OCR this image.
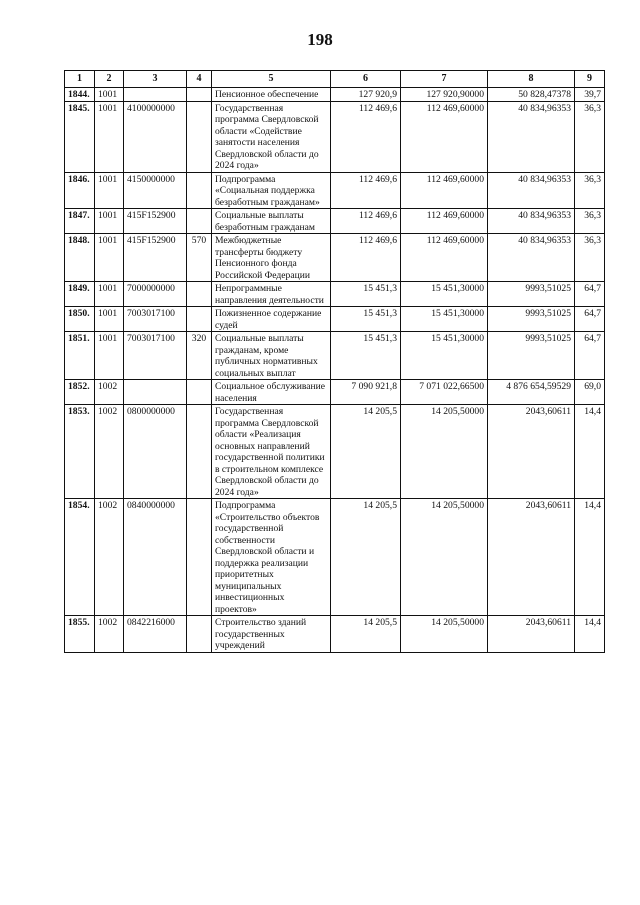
198
1	2	3	4	5	6	7	8	9
1844.	1001			Пенсионное обеспечение	127 920,9	127 920,90000	50 828,47378	39,7
1845.	1001	4100000000		Государственная программа Свердловской области «Содействие занятости населения Свердловской области до 2024 года»	112 469,6	112 469,60000	40 834,96353	36,3
1846.	1001	4150000000		Подпрограмма «Социальная поддержка безработным гражданам»	112 469,6	112 469,60000	40 834,96353	36,3
1847.	1001	415F152900		Социальные выплаты безработным гражданам	112 469,6	112 469,60000	40 834,96353	36,3
1848.	1001	415F152900	570	Межбюджетные трансферты бюджету Пенсионного фонда Российской Федерации	112 469,6	112 469,60000	40 834,96353	36,3
1849.	1001	7000000000		Непрограммные направления деятельности	15 451,3	15 451,30000	9993,51025	64,7
1850.	1001	7003017100		Пожизненное содержание судей	15 451,3	15 451,30000	9993,51025	64,7
1851.	1001	7003017100	320	Социальные выплаты гражданам, кроме публичных нормативных социальных выплат	15 451,3	15 451,30000	9993,51025	64,7
1852.	1002			Социальное обслуживание населения	7 090 921,8	7 071 022,66500	4 876 654,59529	69,0
1853.	1002	0800000000		Государственная программа Свердловской области «Реализация основных направлений государственной политики в строительном комплексе Свердловской области до 2024 года»	14 205,5	14 205,50000	2043,60611	14,4
1854.	1002	0840000000		Подпрограмма «Строительство объектов государственной собственности Свердловской области и поддержка реализации приоритетных муниципальных инвестиционных проектов»	14 205,5	14 205,50000	2043,60611	14,4
1855.	1002	0842216000		Строительство зданий государственных учреждений	14 205,5	14 205,50000	2043,60611	14,4
